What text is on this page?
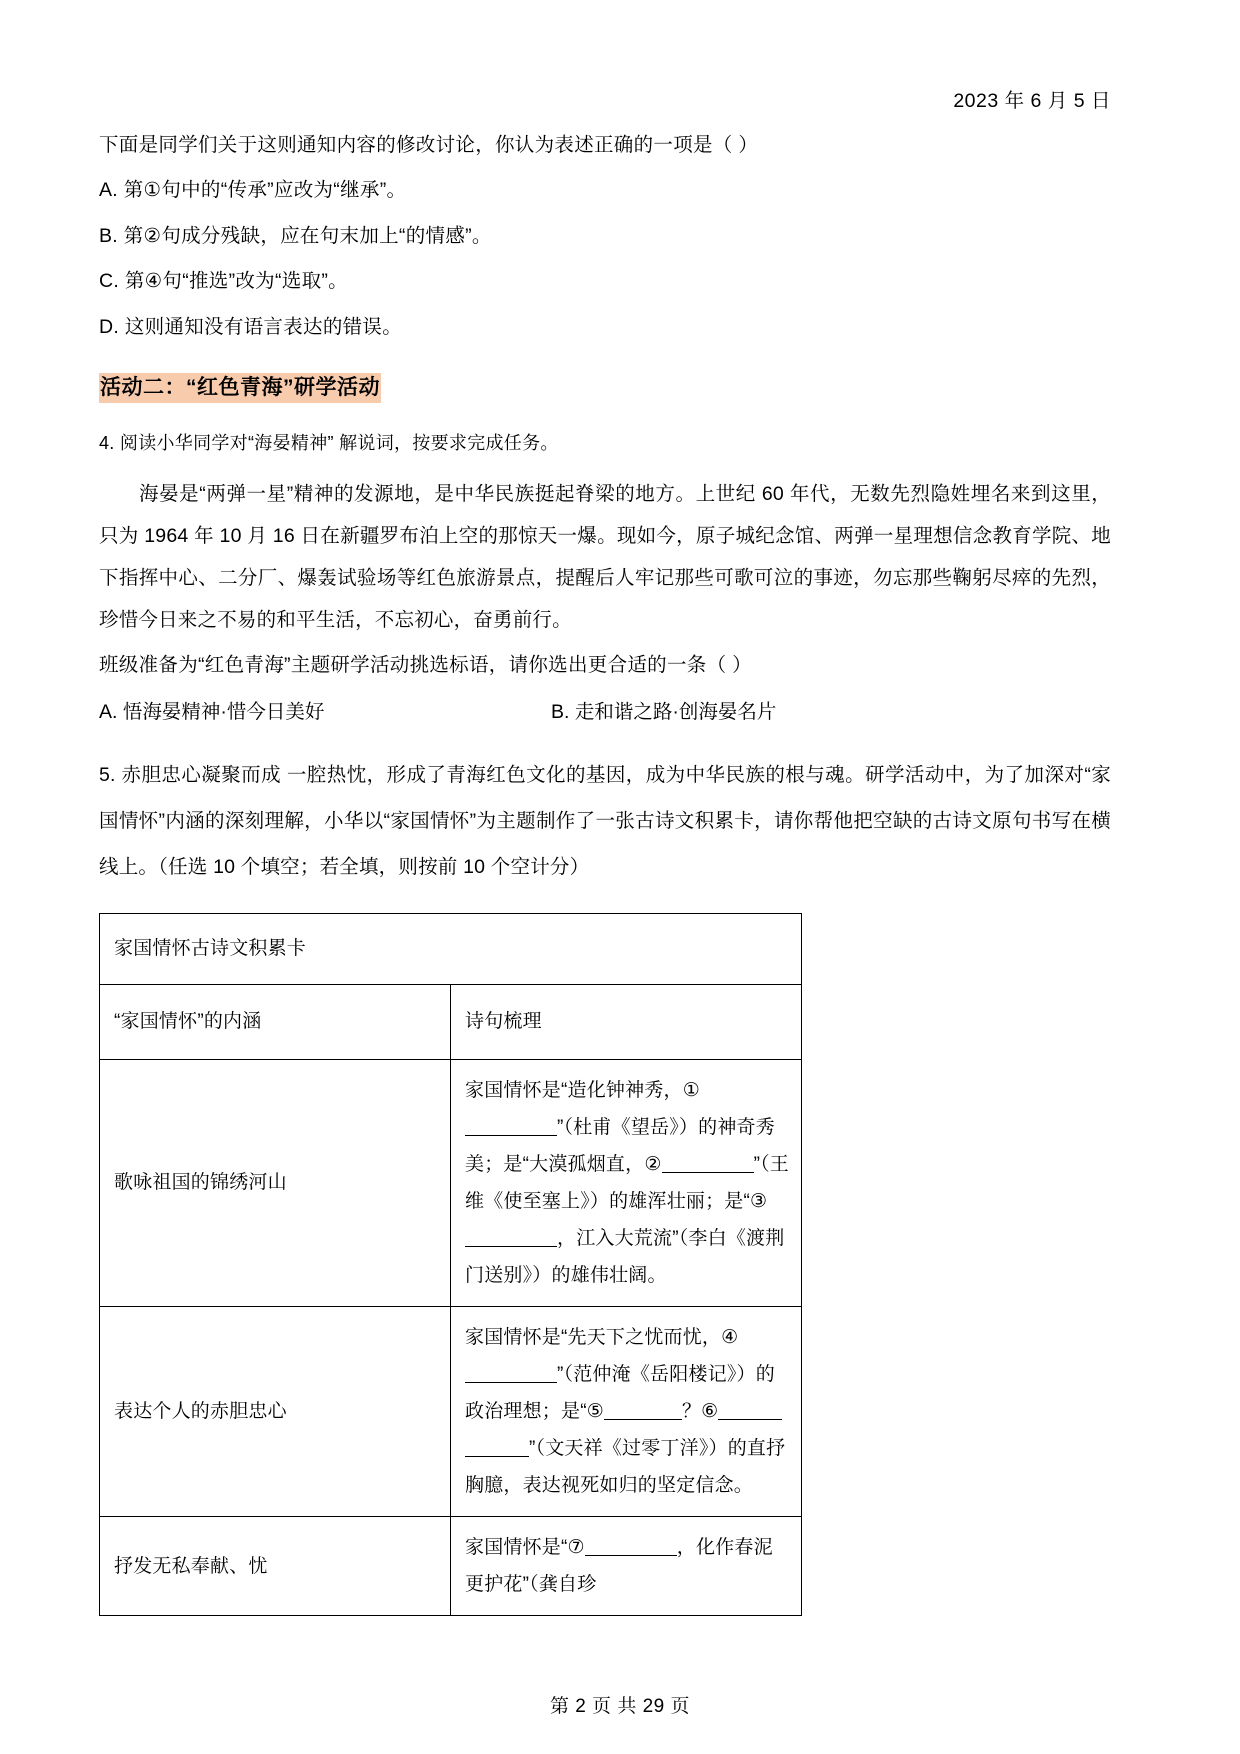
2023 年 6 月 5 日
下面是同学们关于这则通知内容的修改讨论，你认为表述正确的一项是（ ）
A. 第①句中的“传承”应改为“继承”。
B. 第②句成分残缺，应在句末加上“的情感”。
C. 第④句“推选”改为“选取”。
D. 这则通知没有语言表达的错误。
活动二：“红色青海”研学活动
4. 阅读小华同学对“海晏精神” 解说词，按要求完成任务。
海晏是“两弹一星”精神的发源地，是中华民族挺起脊梁的地方。上世纪 60 年代，无数先烈隐姓埋名来到这里，只为 1964 年 10 月 16 日在新疆罗布泊上空的那惊天一爆。现如今，原子城纪念馆、两弹一星理想信念教育学院、地下指挥中心、二分厂、爆轰试验场等红色旅游景点，提醒后人牢记那些可歌可泣的事迹，勿忘那些鞠躬尽瘁的先烈，珍惜今日来之不易的和平生活，不忘初心，奋勇前行。
班级准备为“红色青海”主题研学活动挑选标语，请你选出更合适的一条（ ）
A. 悟海晏精神·惜今日美好	B. 走和谐之路·创海晏名片
5. 赤胆忠心凝聚而成 一腔热忱，形成了青海红色文化的基因，成为中华民族的根与魂。研学活动中，为了加深对“家国情怀”内涵的深刻理解，小华以“家国情怀”为主题制作了一张古诗文积累卡，请你帮他把空缺的古诗文原句书写在横线上。（任选 10 个填空；若全填，则按前 10 个空计分）
家国情怀古诗文积累卡	
“家国情怀”的内涵	诗句梳理
歌咏祖国的锦绣河山	家国情怀是“造化钟神秀，①”（杜甫《望岳》）的神奇秀美；是“大漠孤烟直，② ”（王维《使至塞上》）的雄浑壮丽；是“③，江入大荒流”（李白《渡荆门送别》）的雄伟壮阔。
表达个人的赤胆忠心	家国情怀是“先天下之忧而忧，④”（范仲淹《岳阳楼记》）的政治理想；是“⑤ ？⑥”（文天祥《过零丁洋》）的直抒胸臆，表达视死如归的坚定信念。
抒发无私奉献、忧	家国情怀是“⑦ ，化作春泥更护花”（龚自珍
第 2 页 共 29 页
